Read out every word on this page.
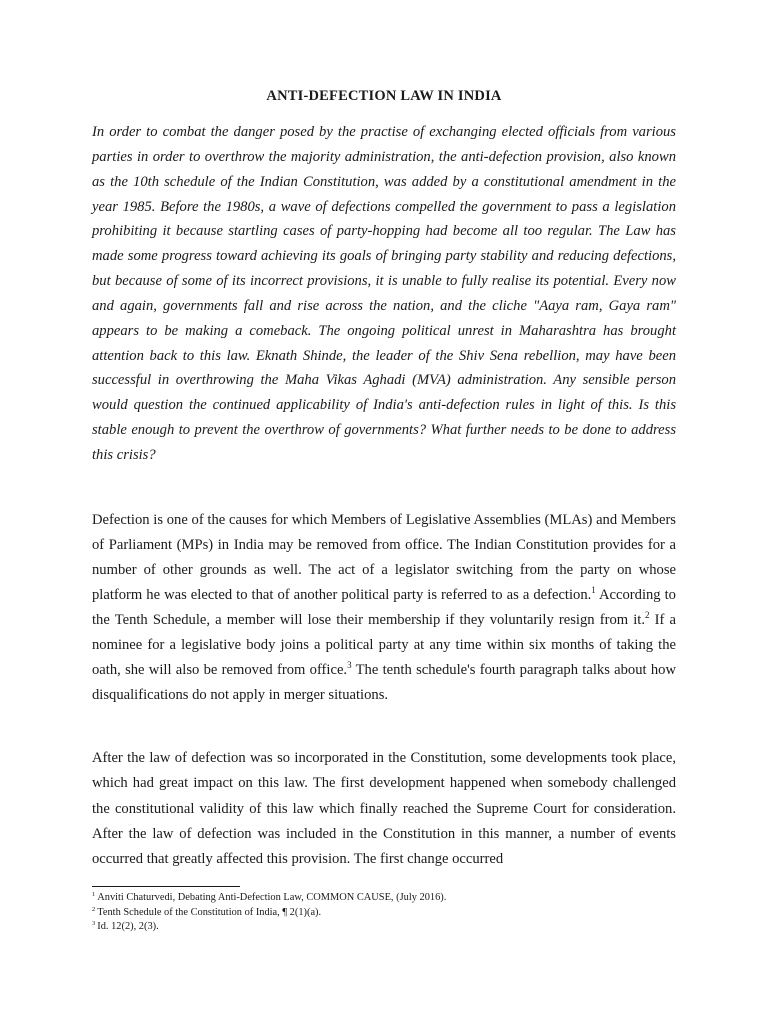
ANTI-DEFECTION LAW IN INDIA

In order to combat the danger posed by the practise of exchanging elected officials from various parties in order to overthrow the majority administration, the anti-defection provision, also known as the 10th schedule of the Indian Constitution, was added by a constitutional amendment in the year 1985. Before the 1980s, a wave of defections compelled the government to pass a legislation prohibiting it because startling cases of party-hopping had become all too regular. The Law has made some progress toward achieving its goals of bringing party stability and reducing defections, but because of some of its incorrect provisions, it is unable to fully realise its potential. Every now and again, governments fall and rise across the nation, and the cliche "Aaya ram, Gaya ram" appears to be making a comeback. The ongoing political unrest in Maharashtra has brought attention back to this law. Eknath Shinde, the leader of the Shiv Sena rebellion, may have been successful in overthrowing the Maha Vikas Aghadi (MVA) administration. Any sensible person would question the continued applicability of India's anti-defection rules in light of this. Is this stable enough to prevent the overthrow of governments? What further needs to be done to address this crisis?

Defection is one of the causes for which Members of Legislative Assemblies (MLAs) and Members of Parliament (MPs) in India may be removed from office. The Indian Constitution provides for a number of other grounds as well. The act of a legislator switching from the party on whose platform he was elected to that of another political party is referred to as a defection.$^1$ According to the Tenth Schedule, a member will lose their membership if they voluntarily resign from it.$^2$ If a nominee for a legislative body joins a political party at any time within six months of taking the oath, she will also be removed from office.$^3$ The tenth schedule's fourth paragraph talks about how disqualifications do not apply in merger situations.

After the law of defection was so incorporated in the Constitution, some developments took place, which had great impact on this law. The first development happened when somebody challenged the constitutional validity of this law which finally reached the Supreme Court for consideration. After the law of defection was included in the Constitution in this manner, a number of events occurred that greatly affected this provision. The first change occurred

$^1$ Anviti Chaturvedi, Debating Anti-Defection Law, COMMON CAUSE, (July 2016).
$^2$ Tenth Schedule of the Constitution of India, ¶ 2(1)(a).
$^3$ Id. 12(2), 2(3).
